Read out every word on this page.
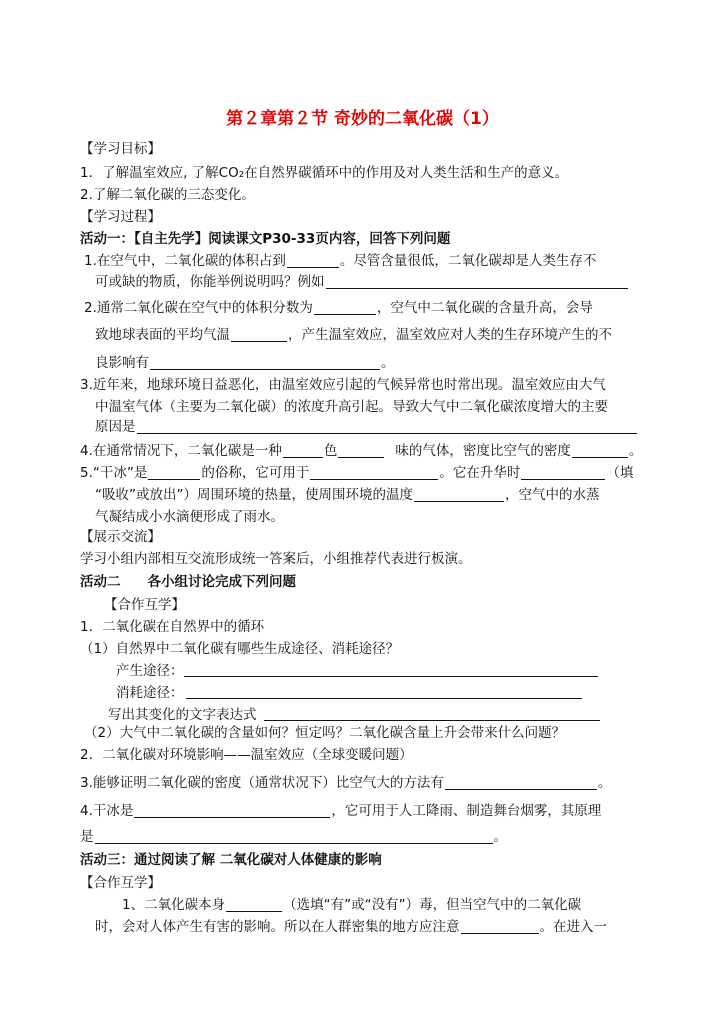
第２章第２节 奇妙的二氧化碳（1）
【学习目标】
1．了解温室效应, 了解CO₂在自然界碳循环中的作用及对人类生活和生产的意义。
2.了解二氧化碳的三态变化。
【学习过程】
活动一：【自主先学】阅读课文P30-33页内容，回答下列问题
1.在空气中，二氧化碳的体积占到	。尽管含量很低，二氧化碳却是人类生存不
可或缺的物质，你能举例说明吗？例如
2.通常二氧化碳在空气中的体积分数为	，空气中二氧化碳的含量升高，会导
致地球表面的平均气温	，产生温室效应，温室效应对人类的生存环境产生的不
良影响有	。
3.近年来，地球环境日益恶化，由温室效应引起的气候异常也时常出现。温室效应由大气
中温室气体（主要为二氧化碳）的浓度升高引起。导致大气中二氧化碳浓度增大的主要
原因是
4.在通常情况下，二氧化碳是一种	色	味的气体，密度比空气的密度	。
5.“干冰”是	的俗称，它可用于	。它在升华时	（填
“吸收”或放出”）周围环境的热量，使周围环境的温度	，空气中的水蒸
气凝结成小水滴便形成了雨水。
【展示交流】
学习小组内部相互交流形成统一答案后，小组推荐代表进行板演。
活动二　　各小组讨论完成下列问题
【合作互学】
1．二氧化碳在自然界中的循环
（1）自然界中二氧化碳有哪些生成途径、消耗途径？
产生途径：
消耗途径：
写出其变化的文字表达式
（2）大气中二氧化碳的含量如何？恒定吗？二氧化碳含量上升会带来什么问题？
2．二氧化碳对环境影响——温室效应（全球变暖问题）
3.能够证明二氧化碳的密度（通常状况下）比空气大的方法有	。
4.干冰是	，它可用于人工降雨、制造舞台烟雾，其原理
是	。
活动三：通过阅读了解 二氧化碳对人体健康的影响
【合作互学】
1、二氧化碳本身	（选填“有”或“没有”）毒，但当空气中的二氧化碳
时，会对人体产生有害的影响。所以在人群密集的地方应注意	。在进入一
